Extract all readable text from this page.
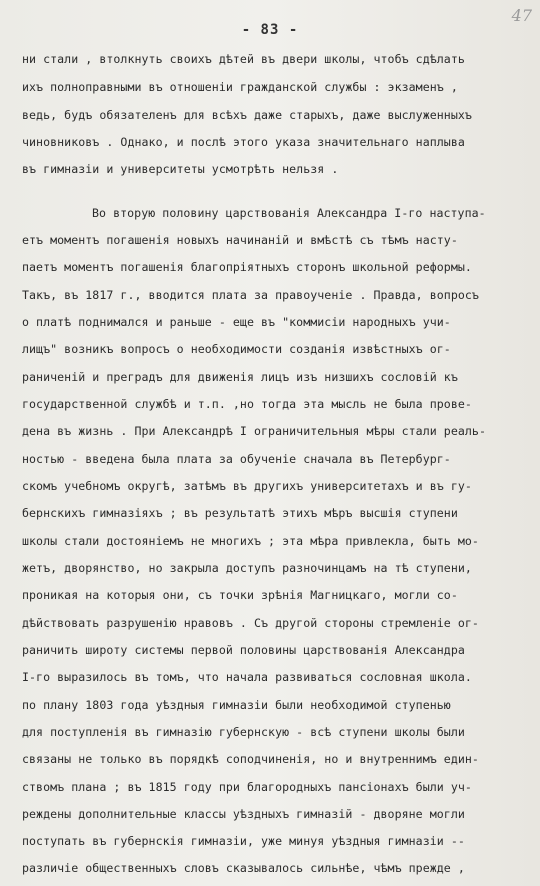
- 83 -
47
ни стали , втолкнуть своихъ дѣтей въ двери школы, чтобъ сдѣлать
ихъ полноправными въ отношеніи гражданской службы : экзаменъ ,
ведь, будъ обязателенъ для всѣхъ даже старыхъ, даже выслуженныхъ
чиновниковъ . Однако, и послѣ этого указа значительнаго наплыва
въ гимназіи и университеты усмотрѣть нельзя .
Во вторую половину царствованія Александра I-го наступа-
етъ моментъ погашенія новыхъ начинаній и вмѣстѣ съ тѣмъ насту-
паетъ моментъ погашенія благопріятныхъ сторонъ школьной реформы.
Такъ, въ 1817 г., вводится плата за правоученіе . Правда, вопросъ
о платѣ поднимался и раньше - еще въ "коммисіи народныхъ учи-
лищъ" возникъ вопросъ о необходимости созданія извѣстныхъ ог-
раниченій и преградъ для движенія лицъ изъ низшихъ сословій къ
государственной службѣ и т.п. ,но тогда эта мысль не была прове-
дена въ жизнь . При Александрѣ I ограничительныя мѣры стали реаль-
ностью - введена была плата за обученіе сначала въ Петербург-
скомъ учебномъ округѣ, затѣмъ въ другихъ университетахъ и въ гу-
бернскихъ гимназіяхъ ; въ результатѣ этихъ мѣръ высшія ступени
школы стали достояніемъ не многихъ ; эта мѣра привлекла, быть мо-
жетъ, дворянство, но закрыла доступъ разночинцамъ на тѣ ступени,
проникая на которыя они, съ точки зрѣнія Магницкаго, могли со-
дѣйствовать разрушенію нравовъ . Съ другой стороны стремленіе ог-
раничить широту системы первой половины царствованія Александра
I-го выразилось въ томъ, что начала развиваться сословная школа.
по плану 1803 года уѣздныя гимназіи были необходимой ступенью
для поступленія въ гимназію губернскую - всѣ ступени школы были
связаны не только въ порядкѣ соподчиненія, но и внутреннимъ един-
ствомъ плана ; въ 1815 году при благородныхъ пансіонахъ были уч-
реждены дополнительные классы уѣздныхъ гимназій - дворяне могли
поступать въ губернскія гимназіи, уже минуя уѣздныя гимназіи --
различіе общественныхъ словъ сказывалось сильнѣе, чѣмъ прежде ,
